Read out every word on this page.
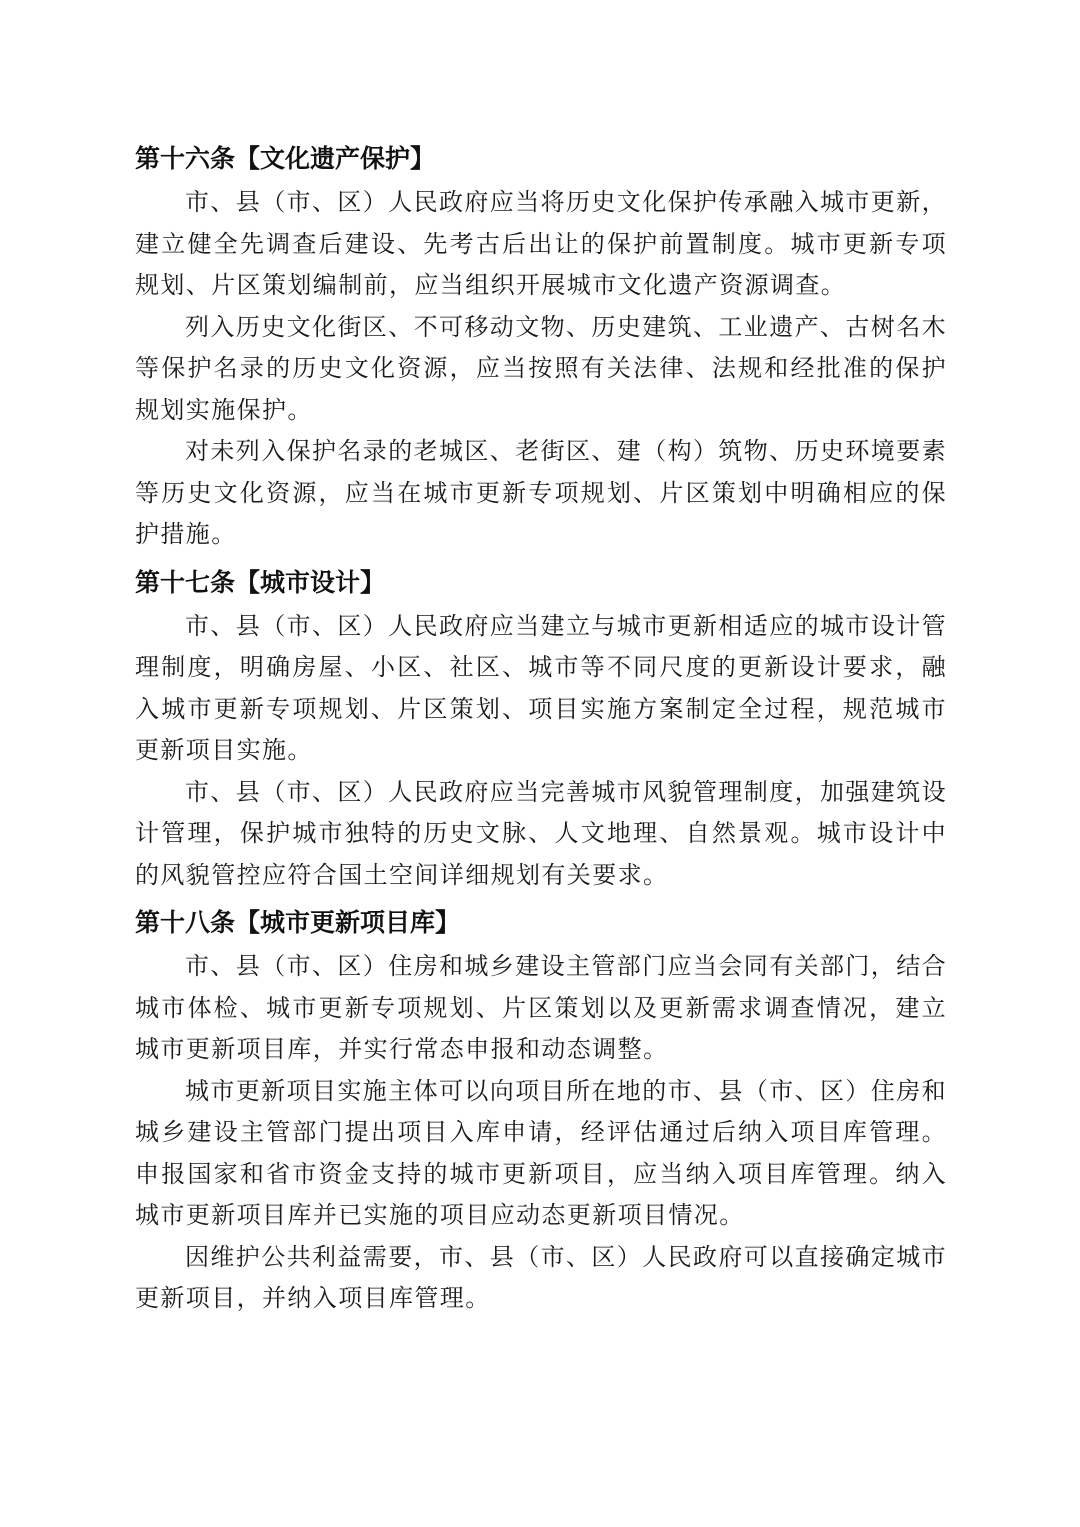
第十六条【文化遗产保护】

市、县（市、区）人民政府应当将历史文化保护传承融入城市更新，建立健全先调查后建设、先考古后出让的保护前置制度。城市更新专项规划、片区策划编制前，应当组织开展城市文化遗产资源调查。

列入历史文化街区、不可移动文物、历史建筑、工业遗产、古树名木等保护名录的历史文化资源，应当按照有关法律、法规和经批准的保护规划实施保护。

对未列入保护名录的老城区、老街区、建（构）筑物、历史环境要素等历史文化资源，应当在城市更新专项规划、片区策划中明确相应的保护措施。

第十七条【城市设计】

市、县（市、区）人民政府应当建立与城市更新相适应的城市设计管理制度，明确房屋、小区、社区、城市等不同尺度的更新设计要求，融入城市更新专项规划、片区策划、项目实施方案制定全过程，规范城市更新项目实施。

市、县（市、区）人民政府应当完善城市风貌管理制度，加强建筑设计管理，保护城市独特的历史文脉、人文地理、自然景观。城市设计中的风貌管控应符合国土空间详细规划有关要求。

第十八条【城市更新项目库】

市、县（市、区）住房和城乡建设主管部门应当会同有关部门，结合城市体检、城市更新专项规划、片区策划以及更新需求调查情况，建立城市更新项目库，并实行常态申报和动态调整。

城市更新项目实施主体可以向项目所在地的市、县（市、区）住房和城乡建设主管部门提出项目入库申请，经评估通过后纳入项目库管理。申报国家和省市资金支持的城市更新项目，应当纳入项目库管理。纳入城市更新项目库并已实施的项目应动态更新项目情况。

因维护公共利益需要，市、县（市、区）人民政府可以直接确定城市更新项目，并纳入项目库管理。
